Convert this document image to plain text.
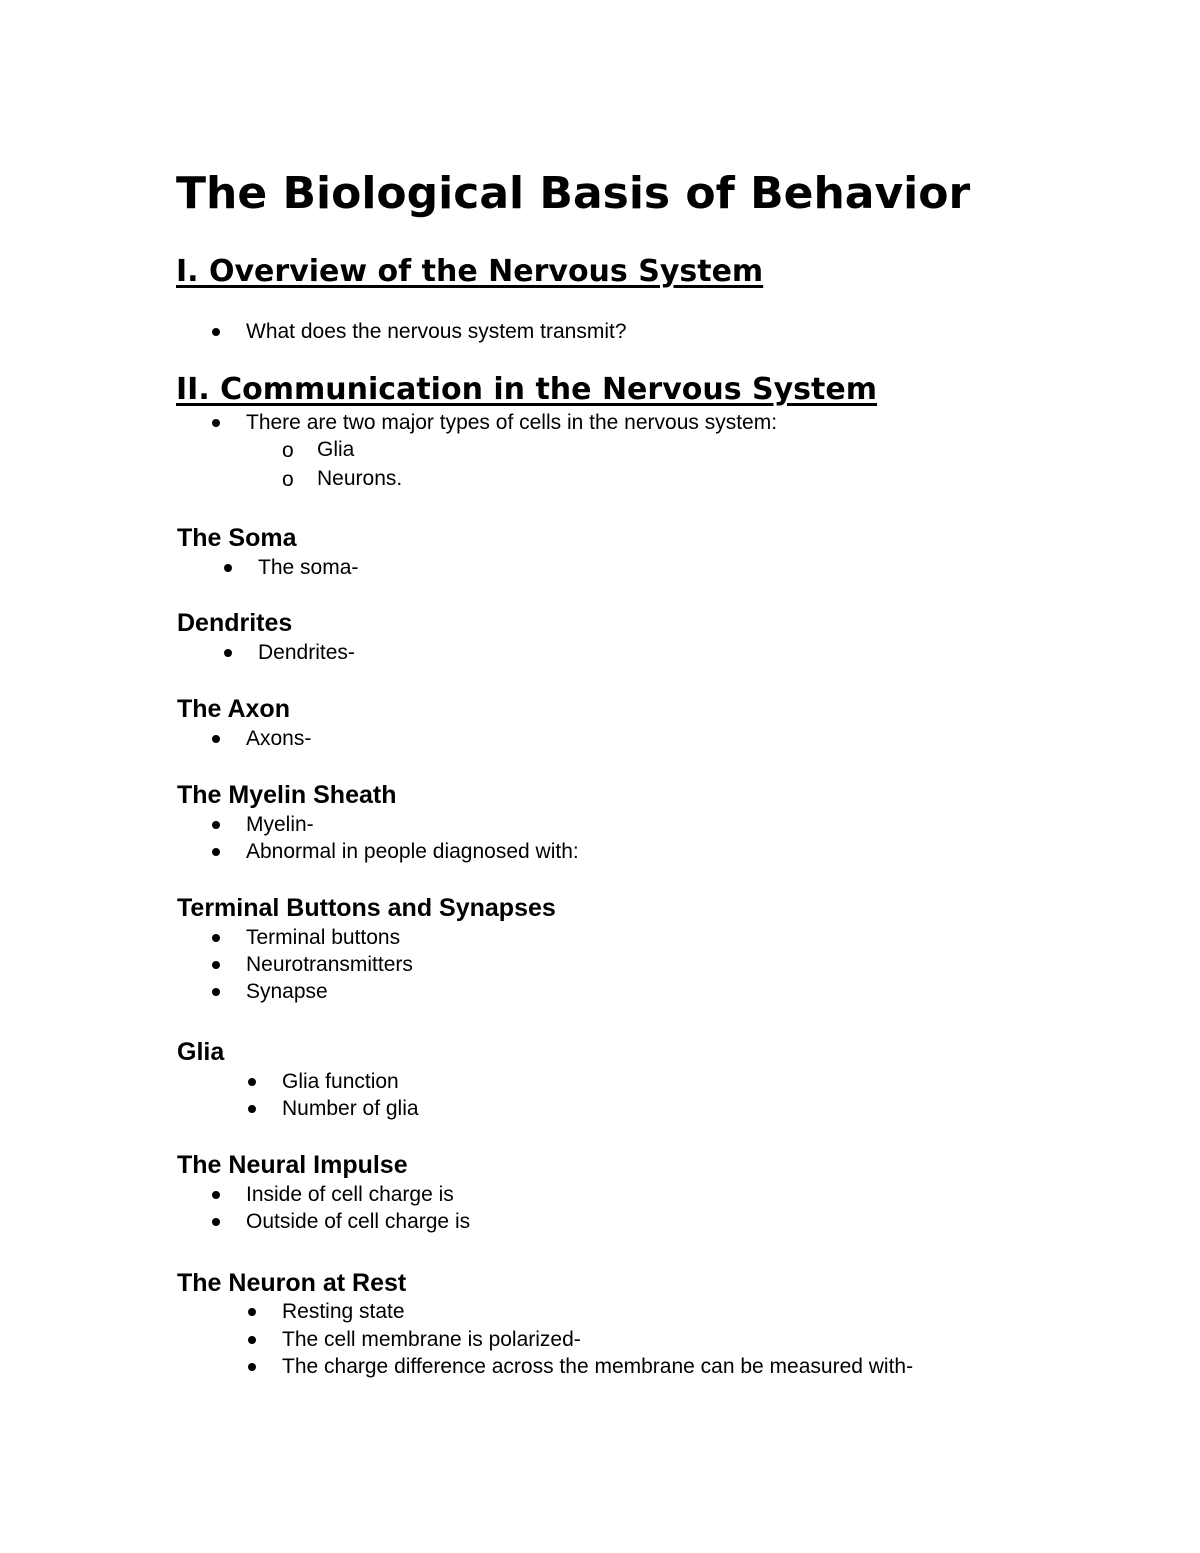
The Biological Basis of Behavior
I. Overview of the Nervous System

What does the nervous system transmit?

II. Communication in the Nervous System

There are two major types of cells in the nervous system:

o Glia

o Neurons.

The Soma

The soma-

Dendrites

Dendrites-

The Axon

Axons-

The Myelin Sheath

Myelin-

Abnormal in people diagnosed with:

Terminal Buttons and Synapses

Terminal buttons

Neurotransmitters

Synapse

Glia

Glia function

Number of glia

The Neural Impulse

Inside of cell charge is

Outside of cell charge is

The Neuron at Rest

Resting state

The cell membrane is polarized-

The charge difference across the membrane can be measured with-
